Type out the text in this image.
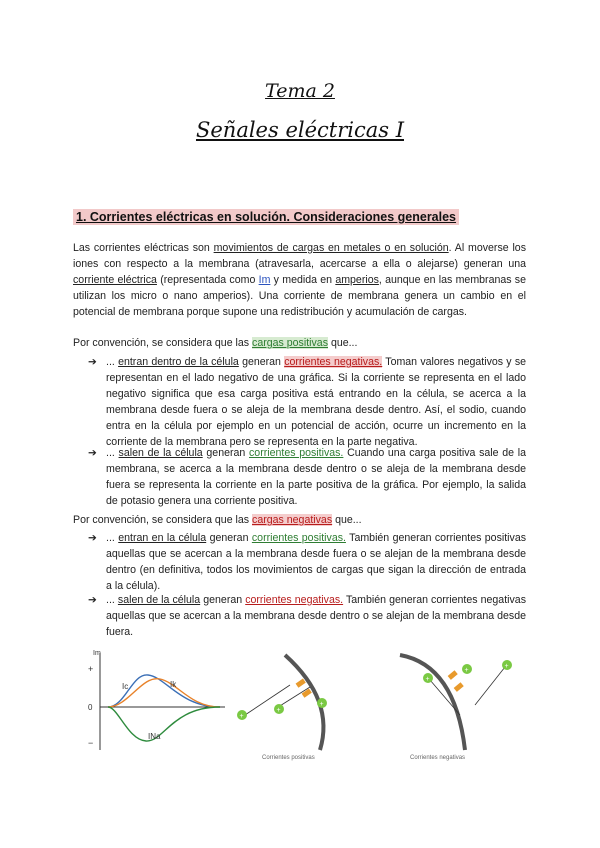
Tema 2
Señales eléctricas I
1. Corrientes eléctricas en solución. Consideraciones generales
Las corrientes eléctricas son movimientos de cargas en metales o en solución. Al moverse los iones con respecto a la membrana (atravesarla, acercarse a ella o alejarse) generan una corriente eléctrica (representada como Im y medida en amperios, aunque en las membranas se utilizan los micro o nano amperios). Una corriente de membrana genera un cambio en el potencial de membrana porque supone una redistribución y acumulación de cargas.
Por convención, se considera que las cargas positivas que...
➔ ... entran dentro de la célula generan corrientes negativas. Toman valores negativos y se representan en el lado negativo de una gráfica. Si la corriente se representa en el lado negativo significa que esa carga positiva está entrando en la célula, se acerca a la membrana desde fuera o se aleja de la membrana desde dentro. Así, el sodio, cuando entra en la célula por ejemplo en un potencial de acción, ocurre un incremento en la corriente de la membrana pero se representa en la parte negativa.
➔ ... salen de la célula generan corrientes positivas. Cuando una carga positiva sale de la membrana, se acerca a la membrana desde dentro o se aleja de la membrana desde fuera se representa la corriente en la parte positiva de la gráfica. Por ejemplo, la salida de potasio genera una corriente positiva.
Por convención, se considera que las cargas negativas que...
➔ ... entran en la célula generan corrientes positivas. También generan corrientes positivas aquellas que se acercan a la membrana desde fuera o se alejan de la membrana desde dentro (en definitiva, todos los movimientos de cargas que sigan la dirección de entrada a la célula).
➔ ... salen de la célula generan corrientes negativas. También generan corrientes negativas aquellas que se acercan a la membrana desde dentro o se alejan de la membrana desde fuera.
Im
+
0
−
Ic	Ik
INa
+
+
+
Corrientes positivas
+
+
+
Corrientes negativas
